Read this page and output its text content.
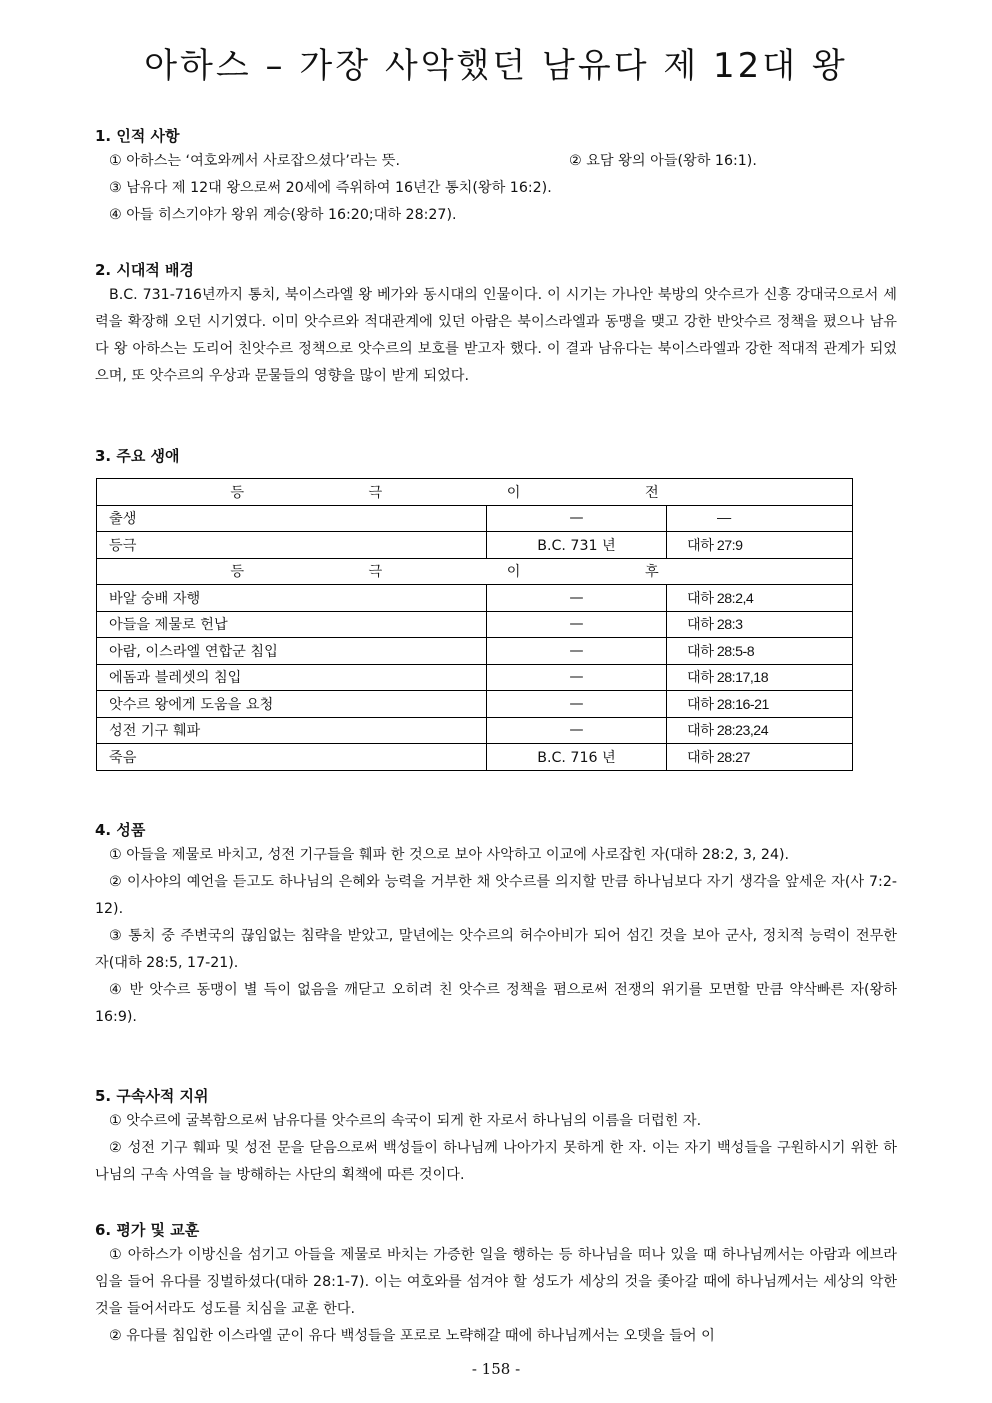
아하스 – 가장 사악했던 남유다 제 12대 왕

1. 인적 사항

① 아하스는 ‘여호와께서 사로잡으셨다’라는 뜻.	② 요담 왕의 아들(왕하 16:1).

③ 남유다 제 12대 왕으로써 20세에 즉위하여 16년간 통치(왕하 16:2).

④ 아들 히스기야가 왕위 계승(왕하 16:20;대하 28:27).

2. 시대적 배경

B.C. 731-716년까지 통치, 북이스라엘 왕 베가와 동시대의 인물이다. 이 시기는 가나안 북방의 앗수르가 신흥 강대국으로서 세력을 확장해 오던 시기였다. 이미 앗수르와 적대관계에 있던 아람은 북이스라엘과 동맹을 맺고 강한 반앗수르 정책을 폈으나 남유다 왕 아하스는 도리어 친앗수르 정책으로 앗수르의 보호를 받고자 했다. 이 결과 남유다는 북이스라엘과 강한 적대적 관계가 되었으며, 또 앗수르의 우상과 문물들의 영향을 많이 받게 되었다.

3. 주요 생애

등 극 이 전		
출생	—	—
등극	B.C. 731 년	대하 27:9
등 극 이 후		
바알 숭배 자행	—	대하 28:2,4
아들을 제물로 헌납	—	대하 28:3
아람, 이스라엘 연합군 침입	—	대하 28:5-8
에돔과 블레셋의 침입	—	대하 28:17,18
앗수르 왕에게 도움을 요청	—	대하 28:16-21
성전 기구 훼파	—	대하 28:23,24
죽음	B.C. 716 년	대하 28:27

4. 성품

① 아들을 제물로 바치고, 성전 기구들을 훼파 한 것으로 보아 사악하고 이교에 사로잡힌 자(대하 28:2, 3, 24).

② 이사야의 예언을 듣고도 하나님의 은혜와 능력을 거부한 채 앗수르를 의지할 만큼 하나님보다 자기 생각을 앞세운 자(사 7:2-12).

③ 통치 중 주변국의 끊임없는 침략을 받았고, 말년에는 앗수르의 허수아비가 되어 섬긴 것을 보아 군사, 정치적 능력이 전무한 자(대하 28:5, 17-21).

④ 반 앗수르 동맹이 별 득이 없음을 깨닫고 오히려 친 앗수르 정책을 폄으로써 전쟁의 위기를 모면할 만큼 약삭빠른 자(왕하 16:9).

5. 구속사적 지위

① 앗수르에 굴복함으로써 남유다를 앗수르의 속국이 되게 한 자로서 하나님의 이름을 더럽힌 자.

② 성전 기구 훼파 및 성전 문을 닫음으로써 백성들이 하나님께 나아가지 못하게 한 자. 이는 자기 백성들을 구원하시기 위한 하나님의 구속 사역을 늘 방해하는 사단의 획책에 따른 것이다.

6. 평가 및 교훈

① 아하스가 이방신을 섬기고 아들을 제물로 바치는 가증한 일을 행하는 등 하나님을 떠나 있을 때 하나님께서는 아람과 에브라임을 들어 유다를 징벌하셨다(대하 28:1-7). 이는 여호와를 섬겨야 할 성도가 세상의 것을 좇아갈 때에 하나님께서는 세상의 악한 것을 들어서라도 성도를 치심을 교훈 한다.

② 유다를 침입한 이스라엘 군이 유다 백성들을 포로로 노략해갈 때에 하나님께서는 오뎃을 들어 이

- 158 -
